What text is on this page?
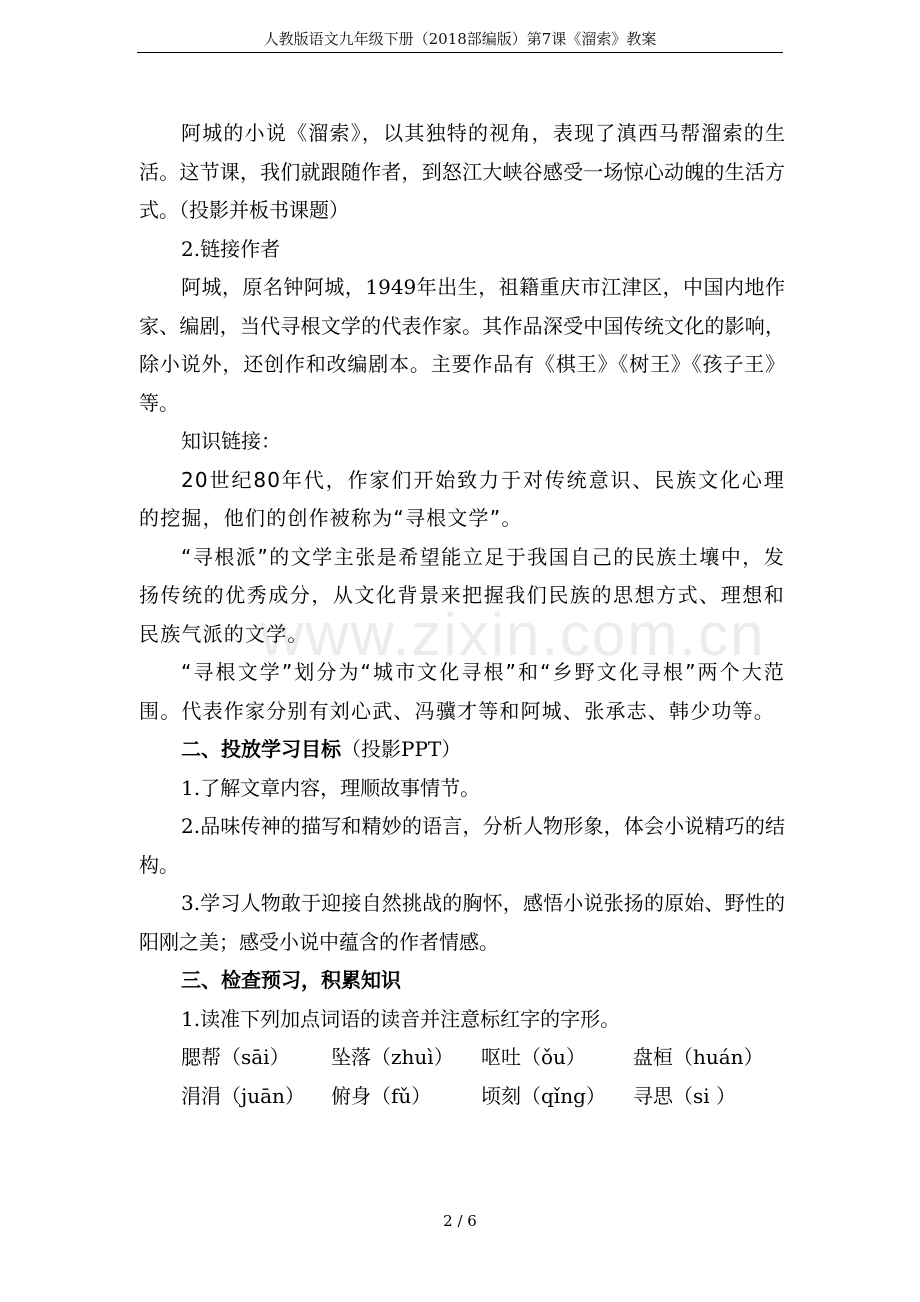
人教版语文九年级下册（2018部编版）第7课《溜索》教案
www.zixin.com.cn

阿城的小说《溜索》，以其独特的视角，表现了滇西马帮溜索的生活。这节课，我们就跟随作者，到怒江大峡谷感受一场惊心动魄的生活方式。（投影并板书课题）

2.链接作者

阿城，原名钟阿城，1949年出生，祖籍重庆市江津区，中国内地作家、编剧，当代寻根文学的代表作家。其作品深受中国传统文化的影响，除小说外，还创作和改编剧本。主要作品有《棋王》《树王》《孩子王》等。

知识链接：

20世纪80年代，作家们开始致力于对传统意识、民族文化心理的挖掘，他们的创作被称为“寻根文学”。

“寻根派”的文学主张是希望能立足于我国自己的民族土壤中，发扬传统的优秀成分，从文化背景来把握我们民族的思想方式、理想和民族气派的文学。

“寻根文学”划分为“城市文化寻根”和“乡野文化寻根”两个大范围。代表作家分别有刘心武、冯骥才等和阿城、张承志、韩少功等。

二、投放学习目标（投影PPT）

1.了解文章内容，理顺故事情节。

2.品味传神的描写和精妙的语言，分析人物形象，体会小说精巧的结构。

3.学习人物敢于迎接自然挑战的胸怀，感悟小说张扬的原始、野性的阳刚之美；感受小说中蕴含的作者情感。

三、检查预习，积累知识

1.读准下列加点词语的读音并注意标红字的字形。

腮帮（sāi）	坠落（zhuì）	呕吐（ǒu）	盘桓（huán）
涓涓（juān）	俯身（fǔ）	顷刻（qǐng）	寻思（si ）
2 / 6
